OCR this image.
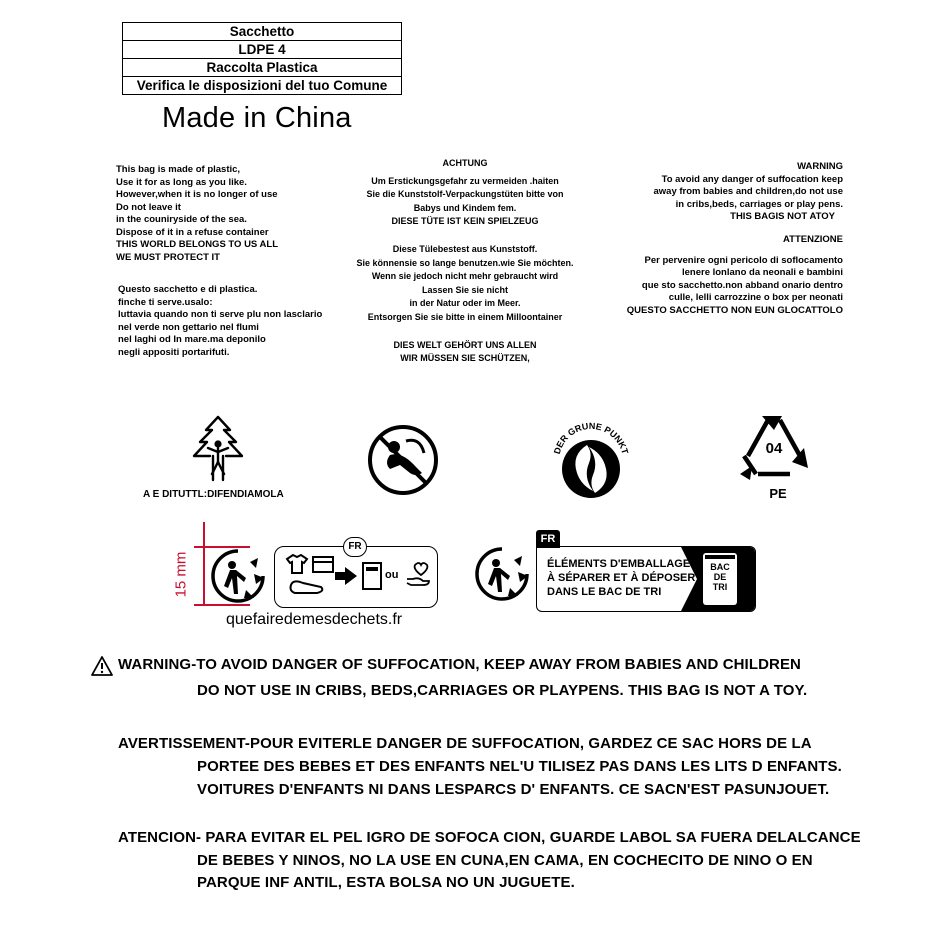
Sacchetto
LDPE 4
Raccolta Plastica
Verifica le disposizioni del tuo Comune
Made in China
This bag is made of plastic,
Use it for as long as you like.
However,when it is no longer of use
Do not leave it
in the couniryside of the sea.
Dispose of it in a refuse container
THIS WORLD BELONGS TO US ALL
WE MUST PROTECT IT
Questo sacchetto e di plastica.
finche ti serve.usalo:
luttavia quando non ti serve plu non lasclario
nel verde non gettario nel flumi
nel laghi od In mare.ma deponilo
negli appositi portarifuti.
ACHTUNG
Um Erstickungsgefahr zu vermeiden .haiten
Sie die Kunststolf-Verpackungstüten bitte von
Babys und Kindem fem.
DIESE TÜTE IST KEIN SPIELZEUG
Diese Tülebestest aus Kunststoff.
Sie könnensie so lange benutzen.wie Sie möchten.
Wenn sie jedoch nicht mehr gebraucht wird
Lassen Sie sie nicht
in der Natur oder im Meer.
Entsorgen Sie sie bitte in einem Milloontainer
DIES WELT GEHÖRT UNS ALLEN
WIR MÜSSEN SIE SCHÜTZEN,
WARNING
To avoid any danger of suffocation keep
away from babies and children,do not use
in cribs,beds, carriages or play pens.
THIS BAGIS NOT ATOY
ATTENZIONE
Per pervenire ogni pericolo di soflocamento
lenere lonlano da neonali e bambini
que sto sacchetto.non abband onario dentro
culle, lelli carrozzine o box per neonati
QUESTO SACCHETTO NON EUN GLOCATTOLO
A E DITUTTL:DIFENDIAMOLA
DER GRUNE PUNKT	04
PE
15 mm	ou
FR
quefairedemesdechets.fr
FR
ÉLÉMENTS D'EMBALLAGE
À SÉPARER ET À DÉPOSER
DANS LE BAC DE TRI
BAC
DE
TRI
WARNING-TO AVOID DANGER OF SUFFOCATION, KEEP AWAY FROM BABIES AND CHILDREN
DO NOT USE IN CRIBS, BEDS,CARRIAGES OR PLAYPENS. THIS BAG IS NOT A TOY.
AVERTISSEMENT-POUR EVITERLE DANGER DE SUFFOCATION, GARDEZ CE SAC HORS DE LA
PORTEE DES BEBES ET DES ENFANTS NEL'U TILISEZ PAS DANS LES LITS D ENFANTS.
VOITURES D'ENFANTS NI DANS LESPARCS D' ENFANTS. CE SACN'EST PASUNJOUET.
ATENCION- PARA EVITAR EL PEL IGRO DE SOFOCA CION, GUARDE LABOL SA FUERA DELALCANCE
DE BEBES Y NINOS, NO LA USE EN CUNA,EN CAMA, EN COCHECITO DE NINO O EN
PARQUE INF ANTIL, ESTA BOLSA NO UN JUGUETE.
